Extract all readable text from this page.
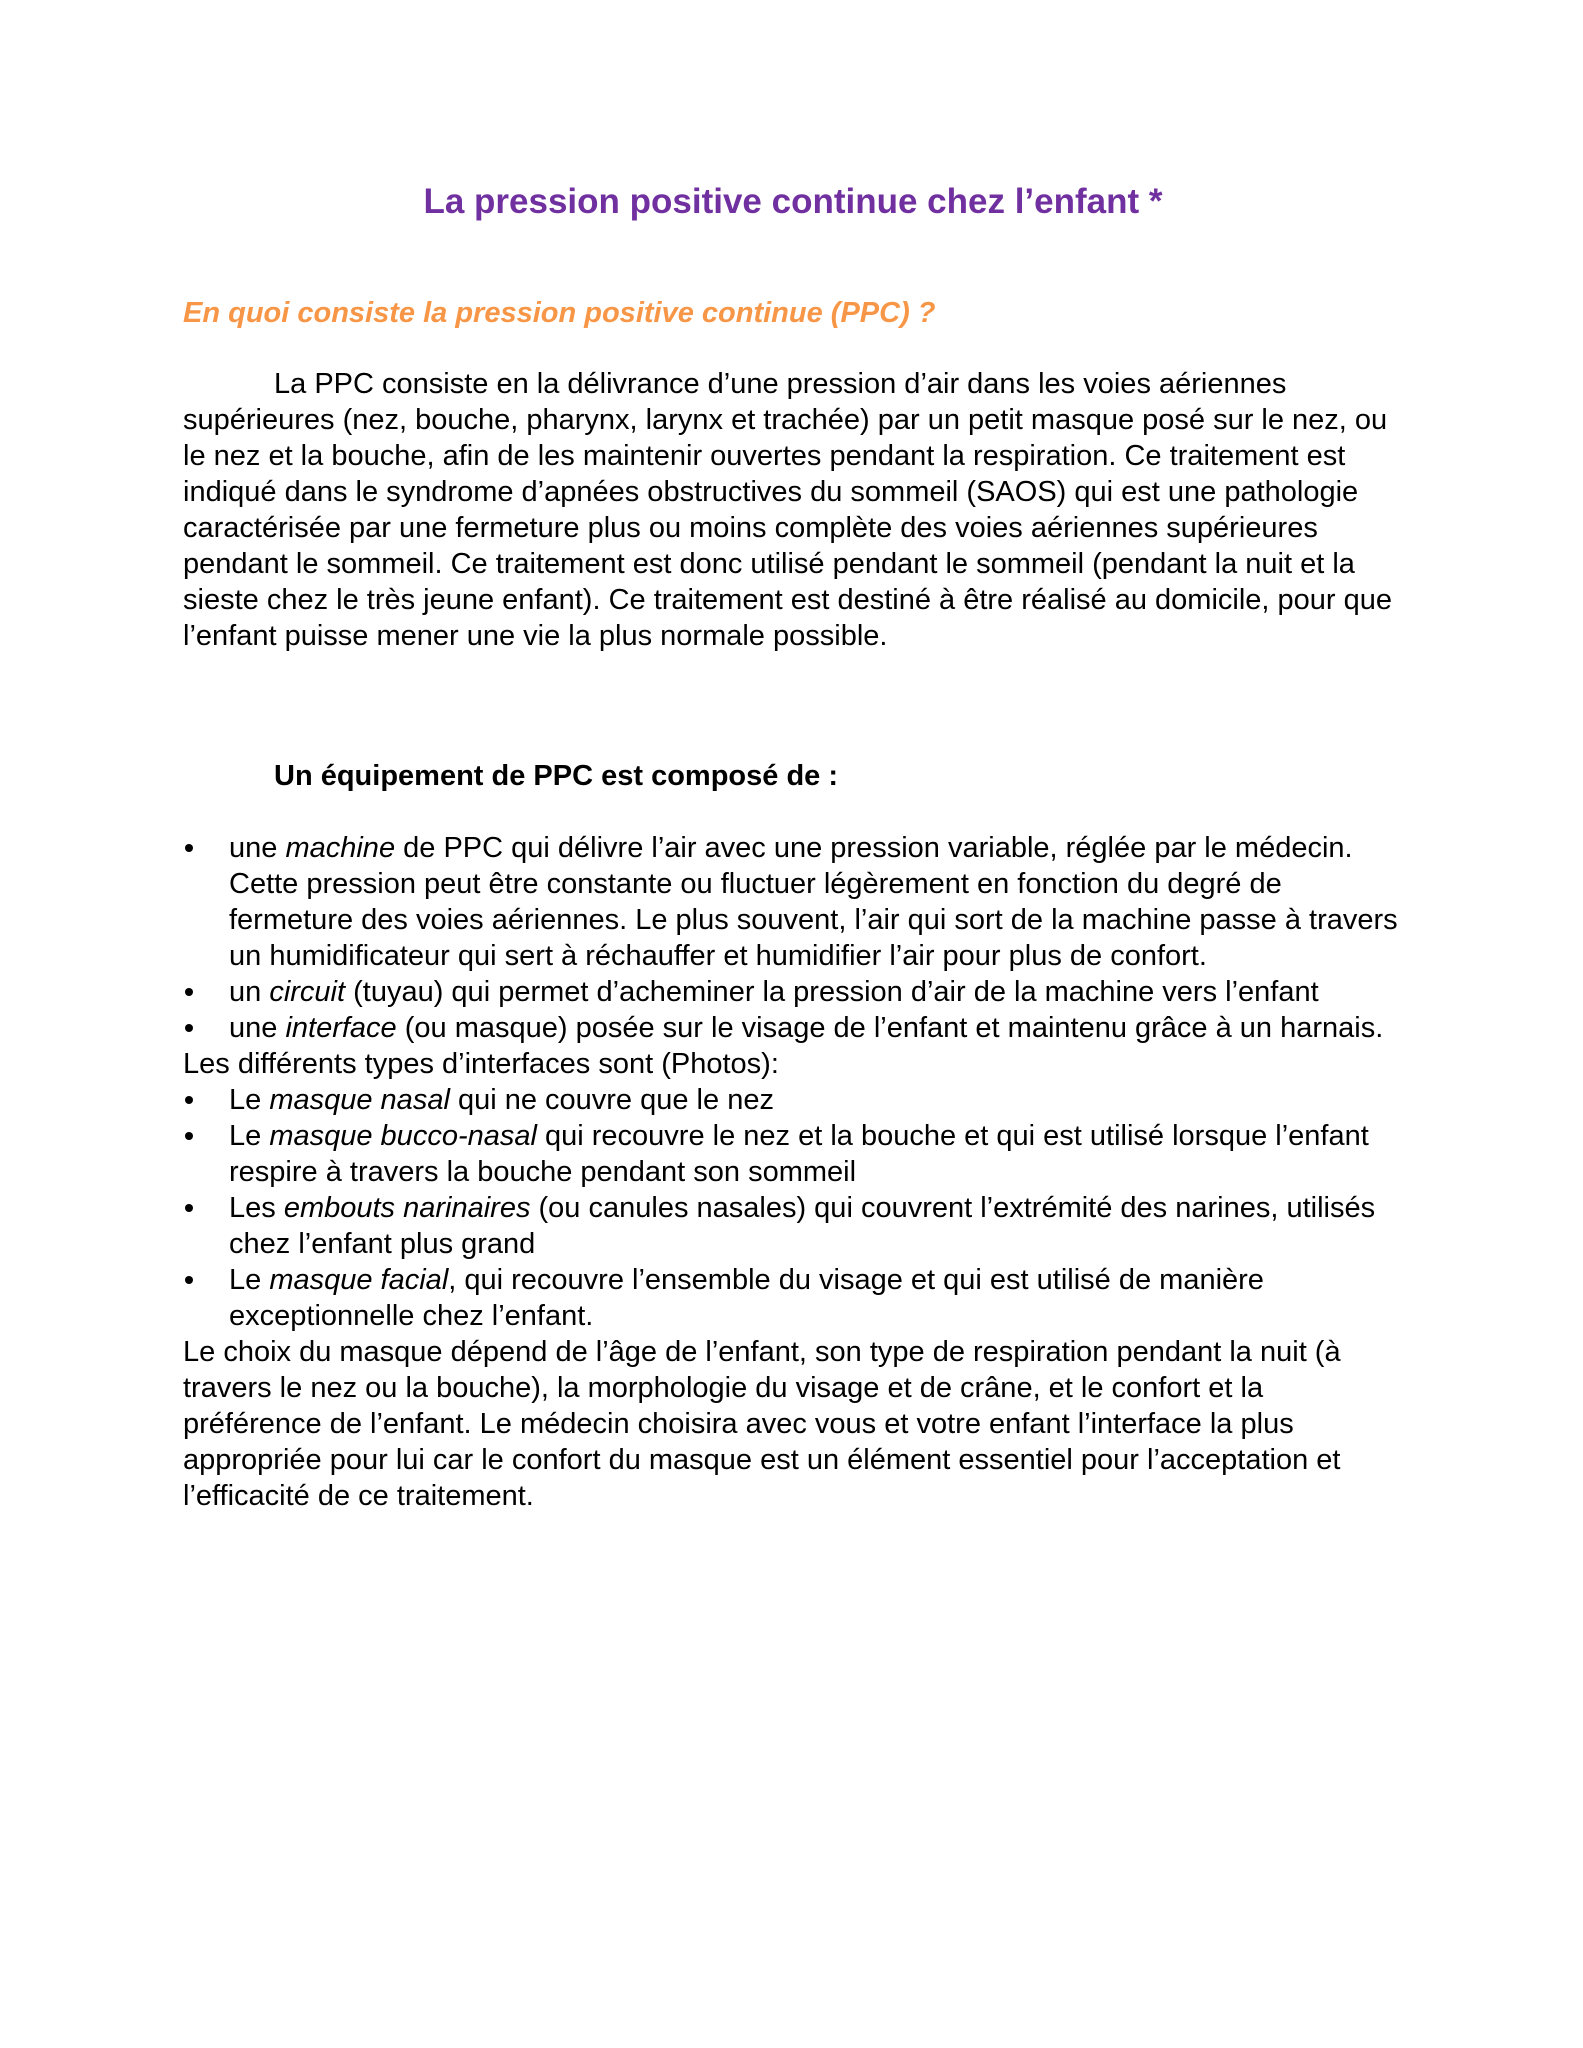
La pression positive continue chez l’enfant *
En quoi consiste la pression positive continue (PPC) ?

La PPC consiste en la délivrance d’une pression d’air dans les voies aériennes supérieures (nez, bouche, pharynx, larynx et trachée) par un petit masque posé sur le nez, ou le nez et la bouche, afin de les maintenir ouvertes pendant la respiration. Ce traitement est indiqué dans le syndrome d’apnées obstructives du sommeil (SAOS) qui est une pathologie caractérisée par une fermeture plus ou moins complète des voies aériennes supérieures pendant le sommeil. Ce traitement est donc utilisé pendant le sommeil (pendant la nuit et la sieste chez le très jeune enfant). Ce traitement est destiné à être réalisé au domicile, pour que l’enfant puisse mener une vie la plus normale possible.

Un équipement de PPC est composé de :

une machine de PPC qui délivre l’air avec une pression variable, réglée par le médecin. Cette pression peut être constante ou fluctuer légèrement en fonction du degré de fermeture des voies aériennes. Le plus souvent, l’air qui sort de la machine passe à travers un humidificateur qui sert à réchauffer et humidifier l’air pour plus de confort.
un circuit (tuyau) qui permet d’acheminer la pression d’air de la machine vers l’enfant
une interface (ou masque) posée sur le visage de l’enfant et maintenu grâce à un harnais.

Les différents types d’interfaces sont (Photos):

Le masque nasal qui ne couvre que le nez
Le masque bucco-nasal qui recouvre le nez et la bouche et qui est utilisé lorsque l’enfant respire à travers la bouche pendant son sommeil
Les embouts narinaires (ou canules nasales) qui couvrent l’extrémité des narines, utilisés chez l’enfant plus grand
Le masque facial, qui recouvre l’ensemble du visage et qui est utilisé de manière exceptionnelle chez l’enfant.

Le choix du masque dépend de l’âge de l’enfant, son type de respiration pendant la nuit (à travers le nez ou la bouche), la morphologie du visage et de crâne, et le confort et la préférence de l’enfant. Le médecin choisira avec vous et votre enfant l’interface la plus appropriée pour lui car le confort du masque est un élément essentiel pour l’acceptation et l’efficacité de ce traitement.
